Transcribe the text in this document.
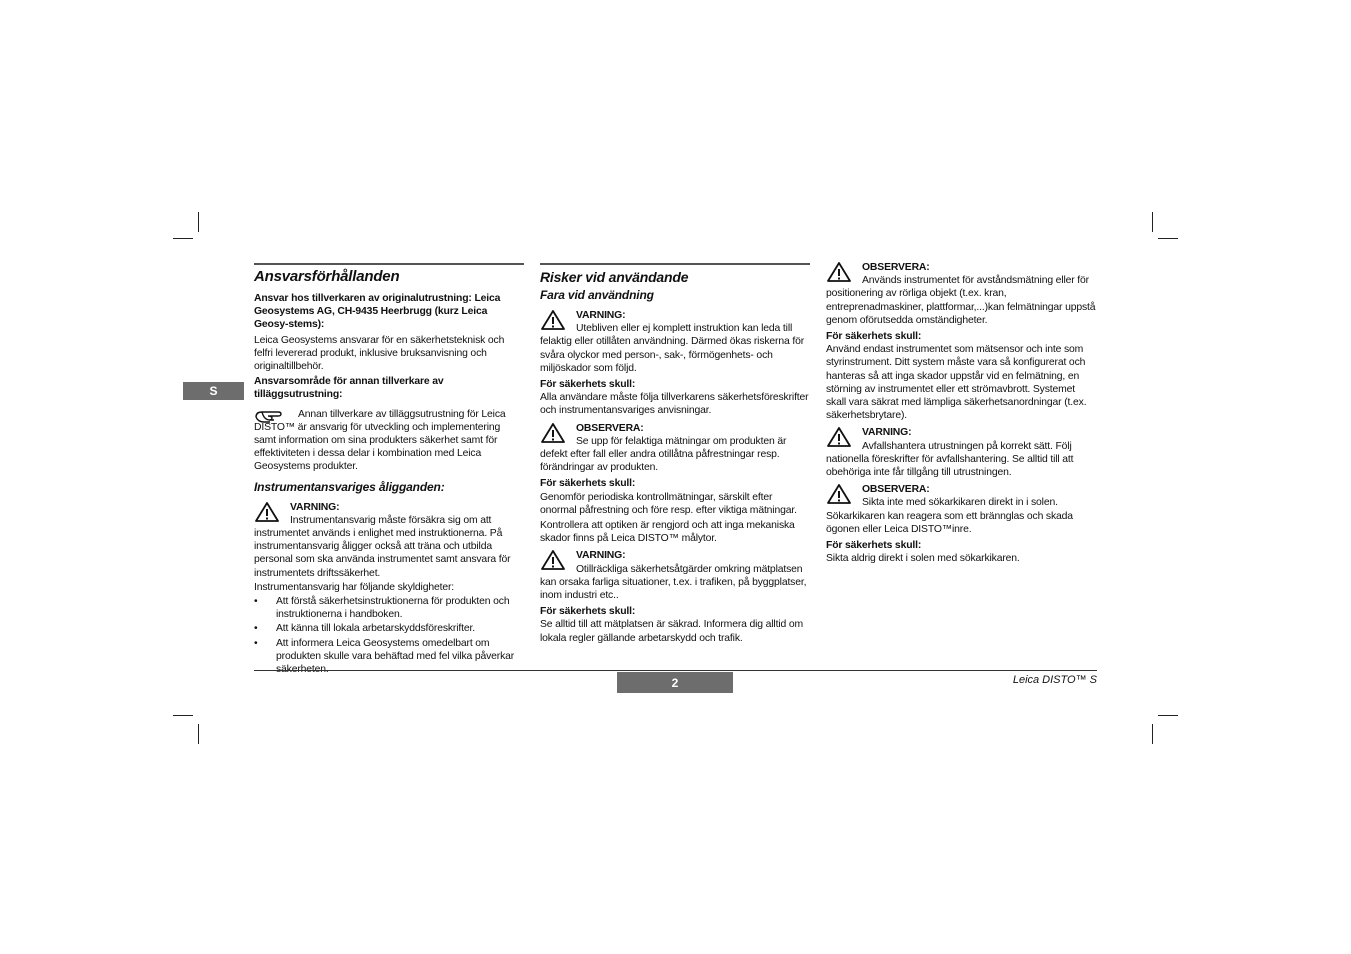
S
Ansvarsförhållanden

Ansvar hos tillverkaren av originalutrustning: Leica Geosystems AG, CH-9435 Heerbrugg (kurz Leica Geosy-stems):

Leica Geosystems ansvarar för en säkerhetsteknisk och felfri levererad produkt, inklusive bruksanvisning och originaltillbehör.

Ansvarsområde för annan tillverkare av tilläggsutrustning:

Annan tillverkare av tilläggsutrustning för Leica

DISTO™ är ansvarig för utveckling och implementering samt information om sina produkters säkerhet samt för effektiviteten i dessa delar i kombination med Leica Geosystems produkter.

Instrumentansvariges åligganden:

VARNING:

Instrumentansvarig måste försäkra sig om att

instrumentet används i enlighet med instruktionerna. På instrumentansvarig åligger också att träna och utbilda personal som ska använda instrumentet samt ansvara för instrumentets driftssäkerhet.

Instrumentansvarig har följande skyldigheter:

• Att förstå säkerhetsinstruktionerna för produkten och instruktionerna i handboken.
• Att känna till lokala arbetarskyddsföreskrifter.
• Att informera Leica Geosystems omedelbart om produkten skulle vara behäftad med fel vilka påverkar
Risker vid användande
Fara vid användning

VARNING:

Utebliven eller ej komplett instruktion kan leda till

felaktig eller otillåten användning. Därmed ökas riskerna för svåra olyckor med person-, sak-, förmögenhets- och miljöskador som följd.

För säkerhets skull:

Alla användare måste följa tillverkarens säkerhetsföreskrifter och instrumentansvariges anvisningar.

OBSERVERA:

Se upp för felaktiga mätningar om produkten är

defekt efter fall eller andra otillåtna påfrestningar resp. förändringar av produkten.

För säkerhets skull:

Genomför periodiska kontrollmätningar, särskilt efter onormal påfrestning och före resp. efter viktiga mätningar.

Kontrollera att optiken är rengjord och att inga mekaniska skador finns på Leica DISTO™ målytor.

VARNING:

Otillräckliga säkerhetsåtgärder omkring mätplatsen

kan orsaka farliga situationer, t.ex. i trafiken, på byggplatser, inom industri etc..

För säkerhets skull:

Se alltid till att mätplatsen är säkrad. Informera dig alltid om lokala regler gällande arbetarskydd och trafik.

OBSERVERA:

Används instrumentet för avståndsmätning eller för

positionering av rörliga objekt (t.ex. kran, entreprenadmaskiner, plattformar,...)kan felmätningar uppstå genom oförutsedda omständigheter.

För säkerhets skull:

Använd endast instrumentet som mätsensor och inte som styrinstrument. Ditt system måste vara så konfigurerat och hanteras så att inga skador uppstår vid en felmätning, en störning av instrumentet eller ett strömavbrott. Systemet skall vara säkrat med lämpliga säkerhetsanordningar (t.ex. säkerhetsbrytare).

VARNING:

Avfallshantera utrustningen på korrekt sätt. Följ

nationella föreskrifter för avfallshantering. Se alltid till att obehöriga inte får tillgång till utrustningen.

OBSERVERA:

Sikta inte med sökarkikaren direkt in i solen.

Sökarkikaren kan reagera som ett brännglas och skada ögonen eller Leica DISTO™inre.

För säkerhets skull:

Sikta aldrig direkt i solen med sökarkikaren.

2	Leica DISTO™ S
